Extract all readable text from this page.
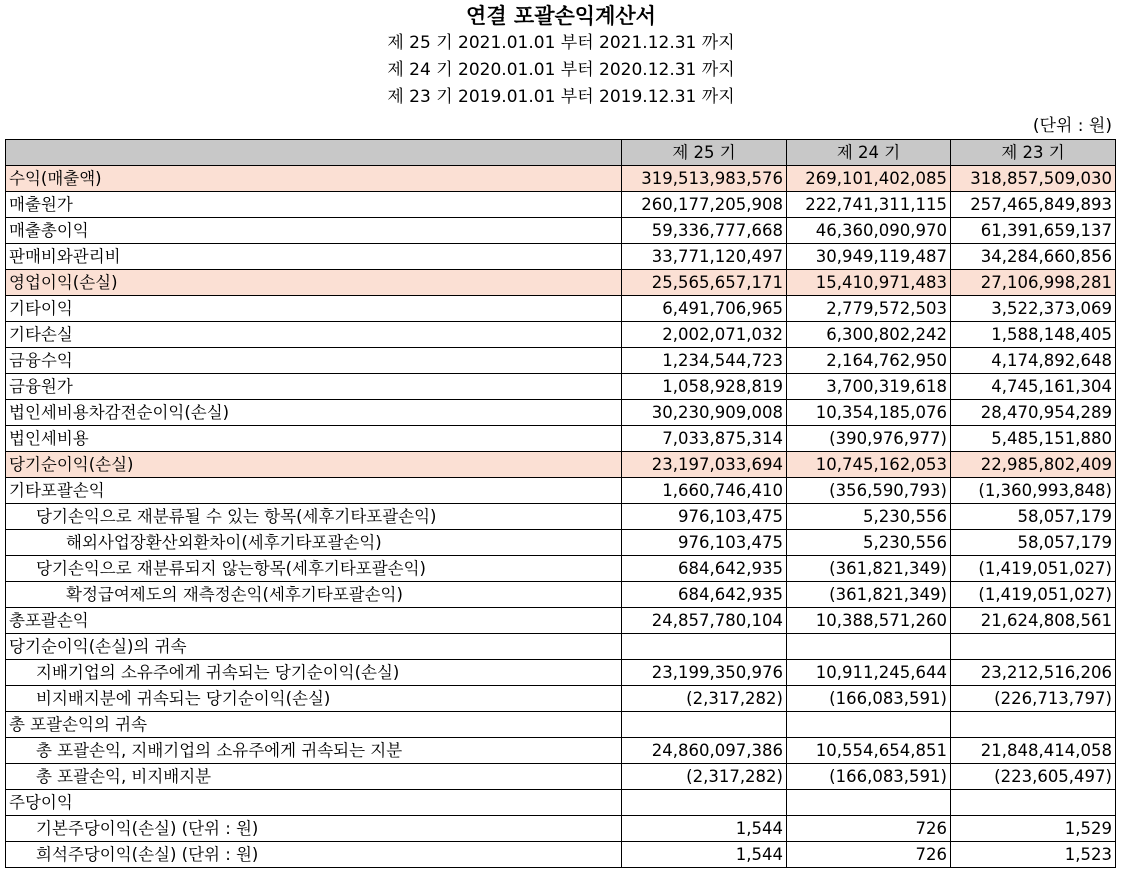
연결 포괄손익계산서
제 25 기 2021.01.01 부터 2021.12.31 까지
제 24 기 2020.01.01 부터 2020.12.31 까지
제 23 기 2019.01.01 부터 2019.12.31 까지
(단위 : 원)
	제 25 기	제 24 기	제 23 기
수익(매출액)	319,513,983,576	269,101,402,085	318,857,509,030
매출원가	260,177,205,908	222,741,311,115	257,465,849,893
매출총이익	59,336,777,668	46,360,090,970	61,391,659,137
판매비와관리비	33,771,120,497	30,949,119,487	34,284,660,856
영업이익(손실)	25,565,657,171	15,410,971,483	27,106,998,281
기타이익	6,491,706,965	2,779,572,503	3,522,373,069
기타손실	2,002,071,032	6,300,802,242	1,588,148,405
금융수익	1,234,544,723	2,164,762,950	4,174,892,648
금융원가	1,058,928,819	3,700,319,618	4,745,161,304
법인세비용차감전순이익(손실)	30,230,909,008	10,354,185,076	28,470,954,289
법인세비용	7,033,875,314	(390,976,977)	5,485,151,880
당기순이익(손실)	23,197,033,694	10,745,162,053	22,985,802,409
기타포괄손익	1,660,746,410	(356,590,793)	(1,360,993,848)
당기손익으로 재분류될 수 있는 항목(세후기타포괄손익)	976,103,475	5,230,556	58,057,179
해외사업장환산외환차이(세후기타포괄손익)	976,103,475	5,230,556	58,057,179
당기손익으로 재분류되지 않는항목(세후기타포괄손익)	684,642,935	(361,821,349)	(1,419,051,027)
확정급여제도의 재측정손익(세후기타포괄손익)	684,642,935	(361,821,349)	(1,419,051,027)
총포괄손익	24,857,780,104	10,388,571,260	21,624,808,561
당기순이익(손실)의 귀속			
지배기업의 소유주에게 귀속되는 당기순이익(손실)	23,199,350,976	10,911,245,644	23,212,516,206
비지배지분에 귀속되는 당기순이익(손실)	(2,317,282)	(166,083,591)	(226,713,797)
총 포괄손익의 귀속			
총 포괄손익, 지배기업의 소유주에게 귀속되는 지분	24,860,097,386	10,554,654,851	21,848,414,058
총 포괄손익, 비지배지분	(2,317,282)	(166,083,591)	(223,605,497)
주당이익			
기본주당이익(손실) (단위 : 원)	1,544	726	1,529
희석주당이익(손실) (단위 : 원)	1,544	726	1,523
